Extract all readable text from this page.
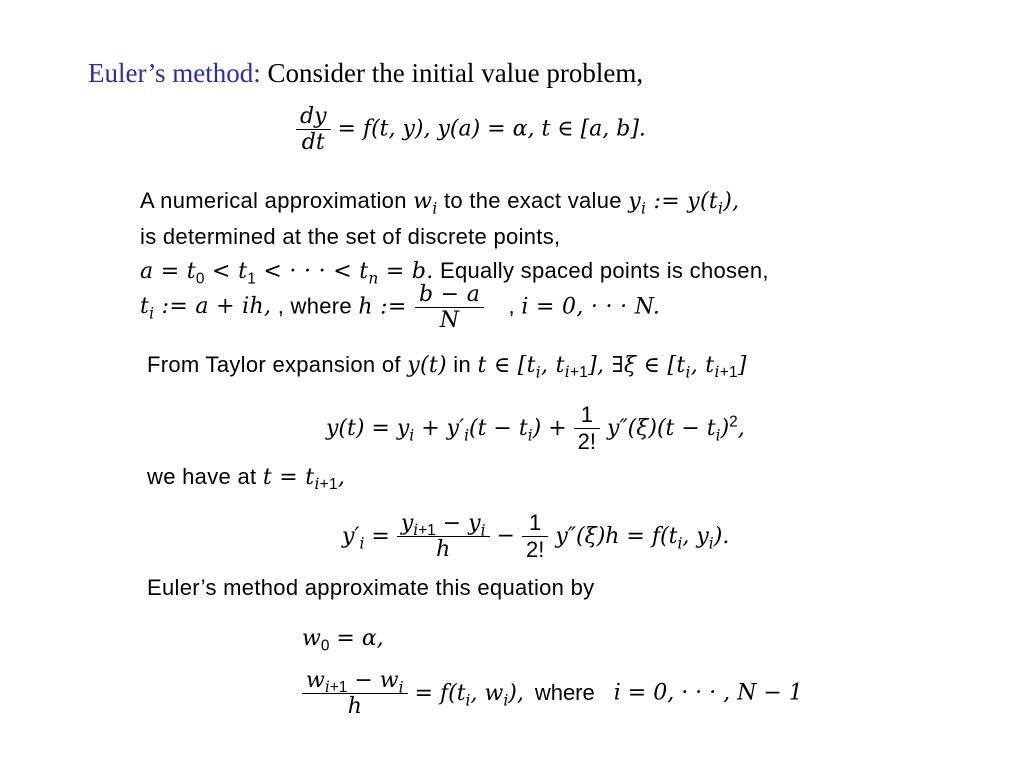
Euler’s method: Consider the initial value problem,
$\frac{dy}{dt} = f(t$, y), y(a) = α, t ∈ [a, b].
A numerical approximation $w_i$ to the exact value $y_i$ := $y(t_i)$,
is determined at the set of discrete points,
$a = t_0 < t_1$ < · · · < $t_n = b$. Equally spaced points is chosen,
$t_i$ := a + ih, , where h := $\frac{b - a}{N}$ , i = 0, · · · N.
From Taylor expansion of y(t) in t ∈ [$t_i$, $t_{i+1}$], ∃ξ ∈ [$t_i$, $t_{i+1}$]
$y(t) = y_i + y'_i(t - t_i) + \frac{1}{2!} y''(\xi)(t - t_i)^2$,
we have at $t = t_{i+1}$,
$y'_i = \frac{y_{i+1} - y_i}{h} - \frac{1}{2!} y''(\xi)h = f(t_i$, $y_i$).
Euler’s method approximate this equation by
$w_0 = \alpha$,
$\frac{w_{i+1} - w_i}{h} = f(t_i$, $w_i$), where i = 0, · · · , N − 1
